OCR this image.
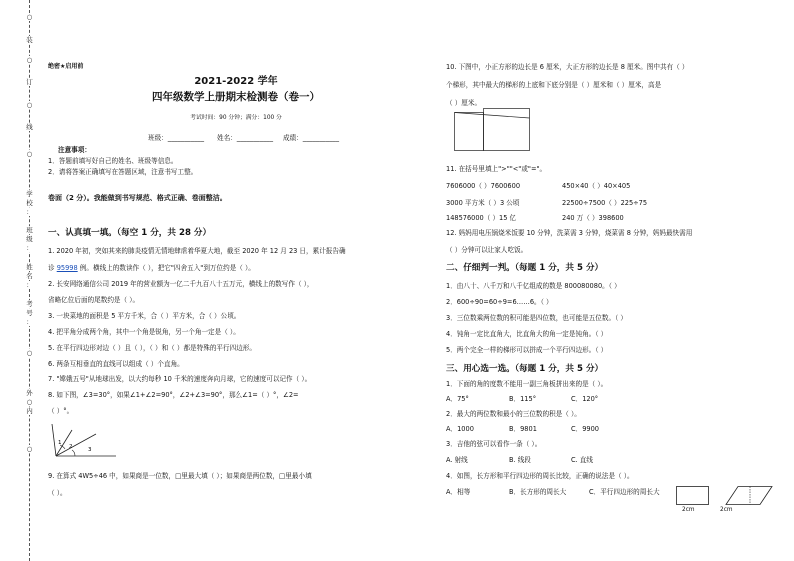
○
装
○
订
○
线
○
学
校
：
班
级
：
姓
名
：
考
号
：
○
外
○
内
○
绝密★启用前
2021-2022 学年
四年级数学上册期末检测卷（卷一）
考试时间：90 分钟；满分：100 分
班级：___________ 姓名：___________ 成绩：___________
注意事项：
1．答题前填写好自己的姓名、班级等信息。
2．请将答案正确填写在答题区域，注意书写工整。
卷面（2 分）。我能做到书写规范、格式正确、卷面整洁。
一、认真填一填。（每空 1 分，共 28 分）
1. 2020 年初，突如其来的肺炎疫情无情地肆虐着华夏大地，截至 2020 年 12 月 23 日，累计报告确
诊 95998 例。横线上的数读作（ ），把它"四舍五入"到万位约是（ ）。
2. 长安网络通信公司 2019 年的营业额为一亿二千九百八十五万元，横线上的数写作（ ），
省略亿位后面的尾数约是（ ）。
3. 一块菜地的面积是 5 平方千米，合（ ）平方米，合（ ）公顷。
4. 把平角分成两个角，其中一个角是锐角，另一个角一定是（ ）。
5. 在平行四边形对边（ ）且（ ），（ ）和（ ）都是特殊的平行四边形。
6. 两条互相垂直的直线可以组成（ ）个直角。
7. "嫦娥五号"从地球出发，以大约每秒 10 千米的速度奔向月球，它的速度可以记作（ ）。
8. 如下图，∠3=30°，如果∠1+∠2=90°，∠2+∠3=90°，那么∠1=（ ）°，∠2=
（ ）°。
1
2	3
9. 在算式 4W5÷46 中，如果商是一位数，□里最大填（ ）；如果商是两位数，□里最小填
（ ）。
10. 下图中，小正方形的边长是 6 厘米，大正方形的边长是 8 厘米。图中共有（ ）
个梯形，其中最大的梯形的上底和下底分别是（ ）厘米和（ ）厘米，高是
（ ）厘米。
11. 在括号里填上">""<"或"="。
7606000（ ）7600600	450×40（ ）40×405
3000 平方米（ ）3 公顷	22500÷7500（ ）225÷75
148576000（ ）15 亿	240 万（ ）398600
12. 妈妈用电压锅烧米饭要 10 分钟，洗菜需 3 分钟，烧菜需 8 分钟，妈妈最快需用
（ ）分钟可以让家人吃饭。
二、仔细判一判。（每题 1 分，共 5 分）
1．由八十、八千万和八千亿组成的数是 800080080。（ ）
2．600÷90=60÷9=6……6。（ ）
3．三位数乘两位数的积可能是四位数，也可能是五位数。（ ）
4．钝角一定比直角大，比直角大的角一定是钝角。（ ）
5．两个完全一样的梯形可以拼成一个平行四边形。（ ）
三、用心选一选。（每题 1 分，共 5 分）
1．下面的角的度数不能用一副三角板拼出来的是（ ）。
A．75°	B．115°	C．120°
2．最大的两位数和最小的三位数的积是（ ）。
A．1000	B．9801	C．9900
3．吉他的弦可以看作一条（ ）。
A. 射线	B. 线段	C. 直线
4．如图，长方形和平行四边形的周长比较，正确的说法是（ ）。
A．相等	B．长方形的周长大	C．平行四边形的周长大
2cm	2cm
